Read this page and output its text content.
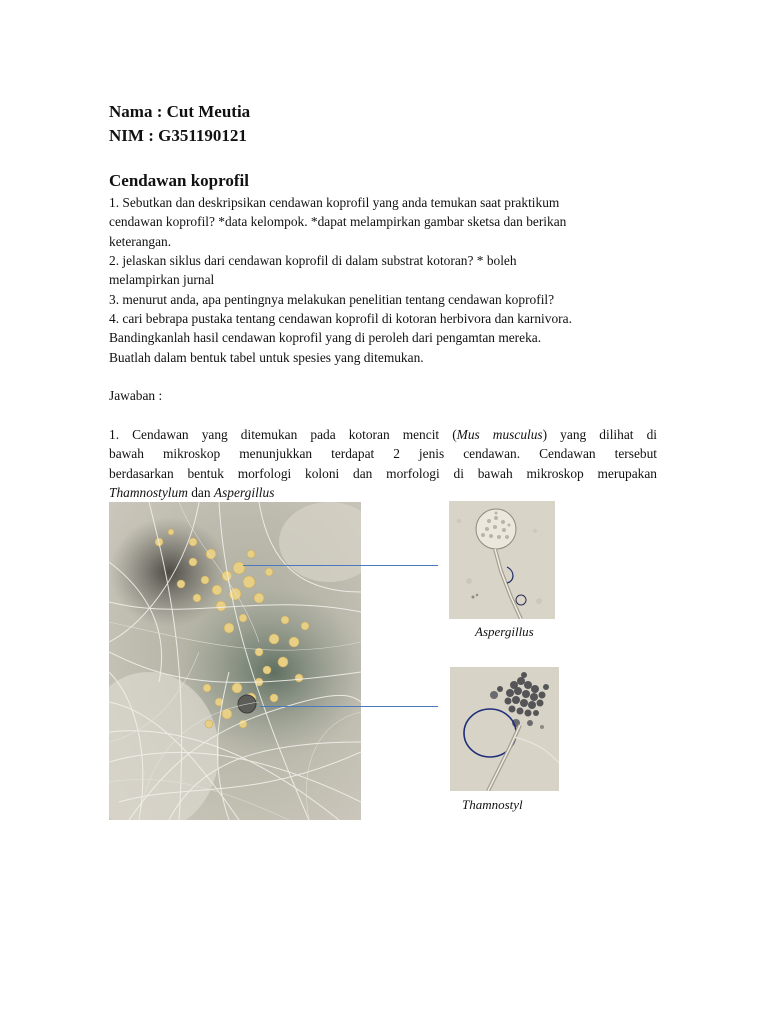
Nama : Cut Meutia
NIM : G351190121
Cendawan koprofil
1. Sebutkan dan deskripsikan cendawan koprofil yang anda temukan saat praktikum
cendawan koprofil? *data kelompok. *dapat melampirkan gambar sketsa dan berikan
keterangan.
2. jelaskan siklus dari cendawan koprofil di dalam substrat kotoran? * boleh
melampirkan jurnal
3. menurut anda, apa pentingnya melakukan penelitian tentang cendawan koprofil?
4. cari bebrapa pustaka tentang cendawan koprofil di kotoran herbivora dan karnivora.
Bandingkanlah hasil cendawan koprofil yang di peroleh dari pengamtan mereka.
Buatlah dalam bentuk tabel untuk spesies yang ditemukan.
Jawaban :
1. Cendawan yang ditemukan pada kotoran mencit (Mus musculus) yang dilihat di
bawah mikroskop menunjukkan terdapat 2 jenis cendawan. Cendawan tersebut
berdasarkan bentuk morfologi koloni dan morfologi di bawah mikroskop merupakan
Thamnostylum dan Aspergillus
Aspergillus
Thamnostyl
